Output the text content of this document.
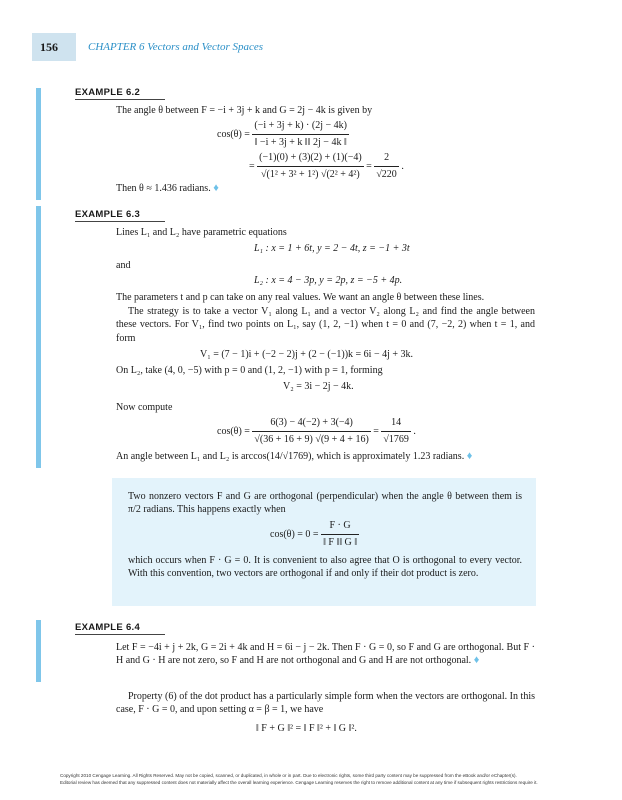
156	CHAPTER 6 Vectors and Vector Spaces
EXAMPLE 6.2
The angle θ between F = −i + 3j + k and G = 2j − 4k is given by
$\cos(\theta) = \frac{(-i + 3j + k) \cdot (2j - 4k)}{‖ -i + 3j + k ‖‖ 2j - 4k ‖}$
= $\frac{(-1)(0) + (3)(2) + (1)(-4)}{\text{√(1² + 3² + 1²) √(2² + 4²)}} = \frac{2}{√220}$ .
Then θ ≈ 1.436 radians. ♦
EXAMPLE 6.3
Lines L₁ and L₂ have parametric equations
L₁ : x = 1 + 6t, y = 2 − 4t, z = −1 + 3t
and
L₂ : x = 4 − 3p, y = 2p, z = −5 + 4p.
The parameters t and p can take on any real values. We want an angle θ between these lines.
The strategy is to take a vector V₁ along L₁ and a vector V₂ along L₂ and find the angle between these vectors. For V₁, find two points on L₁, say (1, 2, −1) when t = 0 and (7, −2, 2) when t = 1, and form
V₁ = (7 − 1)i + (−2 − 2)j + (2 − (−1))k = 6i − 4j + 3k.
On L₂, take (4, 0, −5) with p = 0 and (1, 2, −1) with p = 1, forming
V₂ = 3i − 2j − 4k.
Now compute
$\cos(\theta) = \frac{6(3) - 4(-2) + 3(-4)}{√(36 + 16 + 9) √(9 + 4 + 16)} = \frac{14}{√1769}$ .
An angle between L₁ and L₂ is arccos(14/√1769), which is approximately 1.23 radians. ♦
Two nonzero vectors F and G are orthogonal (perpendicular) when the angle θ between them is π/2 radians. This happens exactly when
$\cos(\theta) = 0 = \frac{F \cdot G}{‖ F ‖‖ G ‖}$
which occurs when F · G = 0. It is convenient to also agree that O is orthogonal to every vector. With this convention, two vectors are orthogonal if and only if their dot product is zero.
EXAMPLE 6.4
Let F = −4i + j + 2k, G = 2i + 4k and H = 6i − j − 2k. Then F · G = 0, so F and G are orthogonal. But F · H and G · H are not zero, so F and H are not orthogonal and G and H are not orthogonal. ♦
Property (6) of the dot product has a particularly simple form when the vectors are orthogonal. In this case, F · G = 0, and upon setting α = β = 1, we have
‖ F + G ‖² = ‖ F ‖² + ‖ G ‖².
Copyright 2010 Cengage Learning. All Rights Reserved. May not be copied, scanned, or duplicated, in whole or in part. Due to electronic rights, some third party content may be suppressed from the eBook and/or eChapter(s).
Editorial review has deemed that any suppressed content does not materially affect the overall learning experience. Cengage Learning reserves the right to remove additional content at any time if subsequent rights restrictions require it.
